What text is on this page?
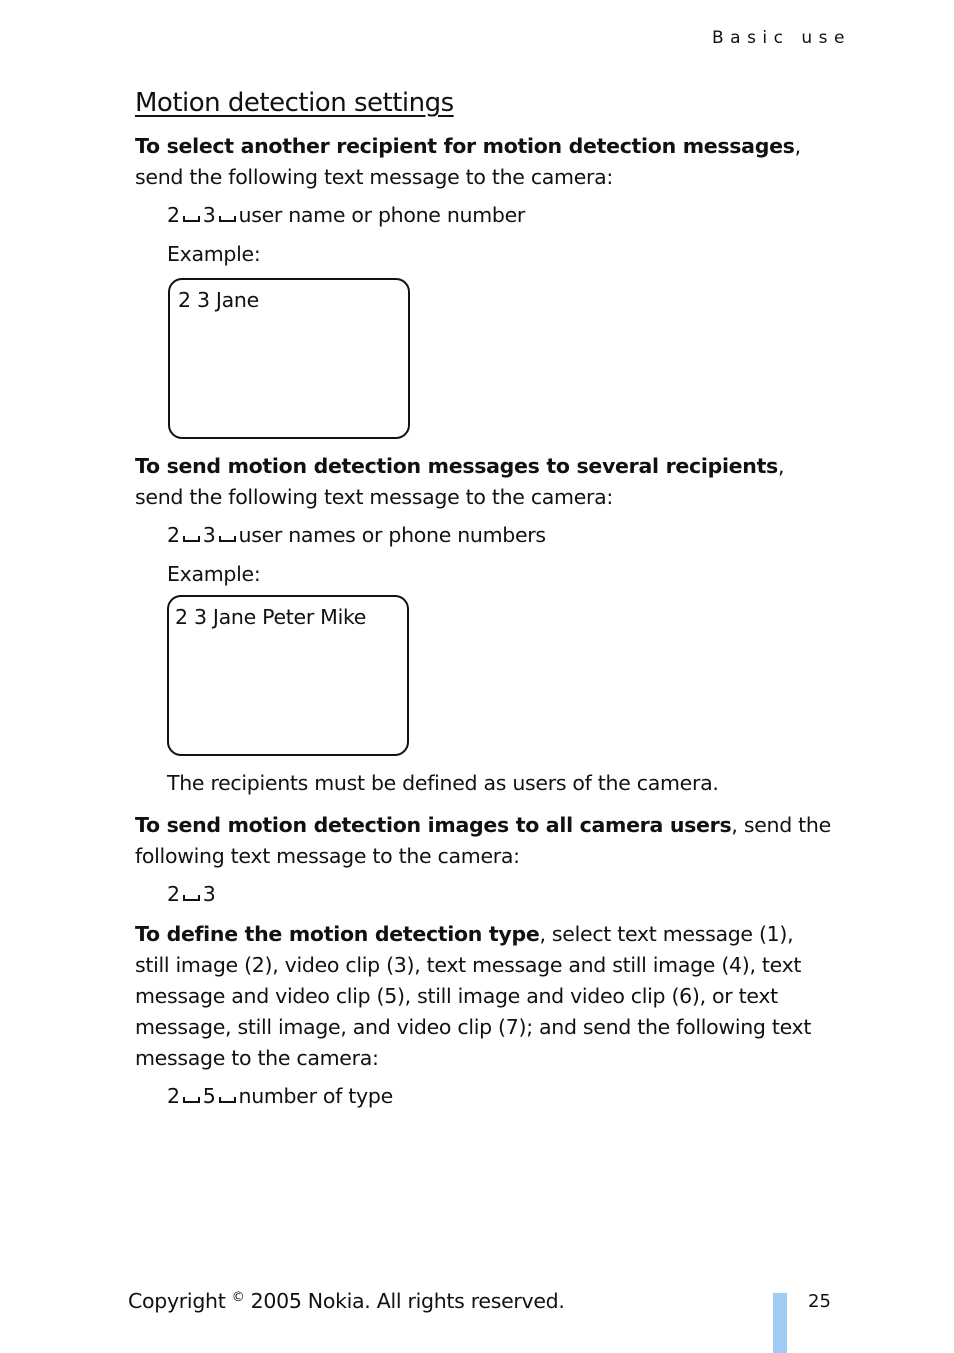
Basic use
Motion detection settings
To select another recipient for motion detection messages, send the following text message to the camera:
2 3 user name or phone number
Example:
2 3 Jane
To send motion detection messages to several recipients, send the following text message to the camera:
2 3 user names or phone numbers
Example:
2 3 Jane Peter Mike
The recipients must be defined as users of the camera.
To send motion detection images to all camera users, send the following text message to the camera:
2 3
To define the motion detection type, select text message (1), still image (2), video clip (3), text message and still image (4), text message and video clip (5), still image and video clip (6), or text message, still image, and video clip (7); and send the following text message to the camera:
2 5 number of type
Copyright © 2005 Nokia. All rights reserved.	25
